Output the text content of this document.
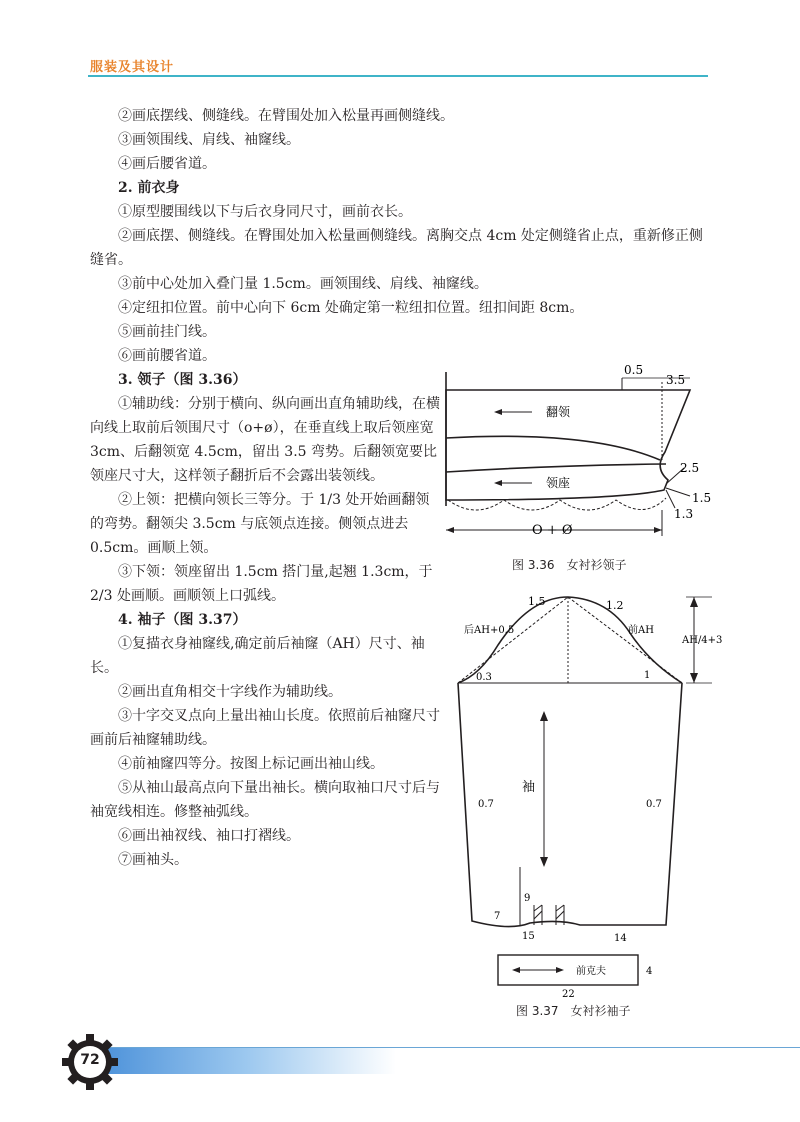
服装及其设计

②画底摆线、侧缝线。在臂围处加入松量再画侧缝线。

③画领围线、肩线、袖窿线。

④画后腰省道。

2. 前衣身

①原型腰围线以下与后衣身同尺寸，画前衣长。

②画底摆、侧缝线。在臀围处加入松量画侧缝线。离胸交点 4cm 处定侧缝省止点，重新修正侧缝省。

③前中心处加入叠门量 1.5cm。画领围线、肩线、袖窿线。

④定纽扣位置。前中心向下 6cm 处确定第一粒纽扣位置。纽扣间距 8cm。

⑤画前挂门线。

⑥画前腰省道。

3. 领子（图 3.36）

①辅助线：分别于横向、纵向画出直角辅助线，在横向线上取前后领围尺寸（o+ø），在垂直线上取后领座宽 3cm、后翻领宽 4.5cm，留出 3.5 弯势。后翻领宽要比领座尺寸大，这样领子翻折后不会露出装领线。

②上领：把横向领长三等分。于 1/3 处开始画翻领的弯势。翻领尖 3.5cm 与底领点连接。侧领点进去 0.5cm。画顺上领。

③下领：领座留出 1.5cm 搭门量,起翘 1.3cm，于 2/3 处画顺。画顺领上口弧线。

4. 袖子（图 3.37）

①复描衣身袖窿线,确定前后袖窿（AH）尺寸、袖长。

②画出直角相交十字线作为辅助线。

③十字交叉点向上量出袖山长度。依照前后袖窿尺寸画前后袖窿辅助线。

④前袖窿四等分。按图上标记画出袖山线。

⑤从袖山最高点向下量出袖长。横向取袖口尺寸后与袖宽线相连。修整袖弧线。

⑥画出袖衩线、袖口打褶线。

⑦画袖头。

0.5
3.5
翻领
领座
2.5
1.5
1.3
O + Ø
图 3.36　女衬衫领子
1.5	1.2
后AH+0.5	前AH
AH/4+3
0.3	1
袖
0.7	0.7
9
7
15	14
前克夫	4
22
图 3.37　女衬衫袖子
72
